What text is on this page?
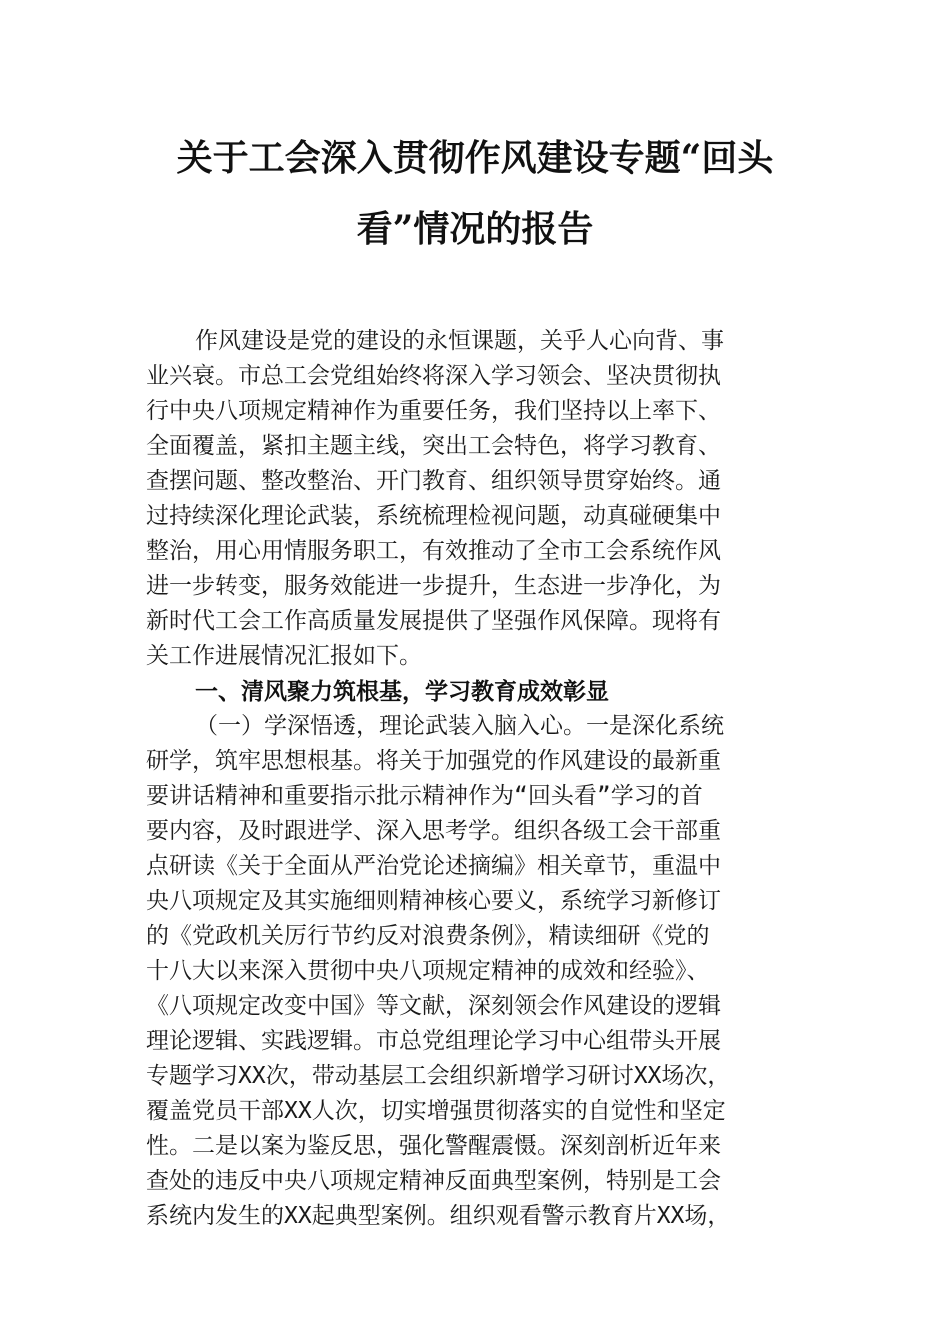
关于工会深入贯彻作风建设专题“回头
看”情况的报告
作风建设是党的建设的永恒课题，关乎人心向背、事
业兴衰。市总工会党组始终将深入学习领会、坚决贯彻执
行中央八项规定精神作为重要任务，我们坚持以上率下、
全面覆盖，紧扣主题主线，突出工会特色，将学习教育、
查摆问题、整改整治、开门教育、组织领导贯穿始终。通
过持续深化理论武装，系统梳理检视问题，动真碰硬集中
整治，用心用情服务职工，有效推动了全市工会系统作风
进一步转变，服务效能进一步提升，生态进一步净化，为
新时代工会工作高质量发展提供了坚强作风保障。现将有
关工作进展情况汇报如下。
一、清风聚力筑根基，学习教育成效彰显
（一）学深悟透，理论武装入脑入心。一是深化系统
研学，筑牢思想根基。将关于加强党的作风建设的最新重
要讲话精神和重要指示批示精神作为“回头看”学习的首
要内容，及时跟进学、深入思考学。组织各级工会干部重
点研读《关于全面从严治党论述摘编》相关章节，重温中
央八项规定及其实施细则精神核心要义，系统学习新修订
的《党政机关厉行节约反对浪费条例》，精读细研《党的
十八大以来深入贯彻中央八项规定精神的成效和经验》、
《八项规定改变中国》等文献，深刻领会作风建设的逻辑
理论逻辑、实践逻辑。市总党组理论学习中心组带头开展
专题学习XX次，带动基层工会组织新增学习研讨XX场次，
覆盖党员干部XX人次，切实增强贯彻落实的自觉性和坚定
性。二是以案为鉴反思，强化警醒震慑。深刻剖析近年来
查处的违反中央八项规定精神反面典型案例，特别是工会
系统内发生的XX起典型案例。组织观看警示教育片XX场，
